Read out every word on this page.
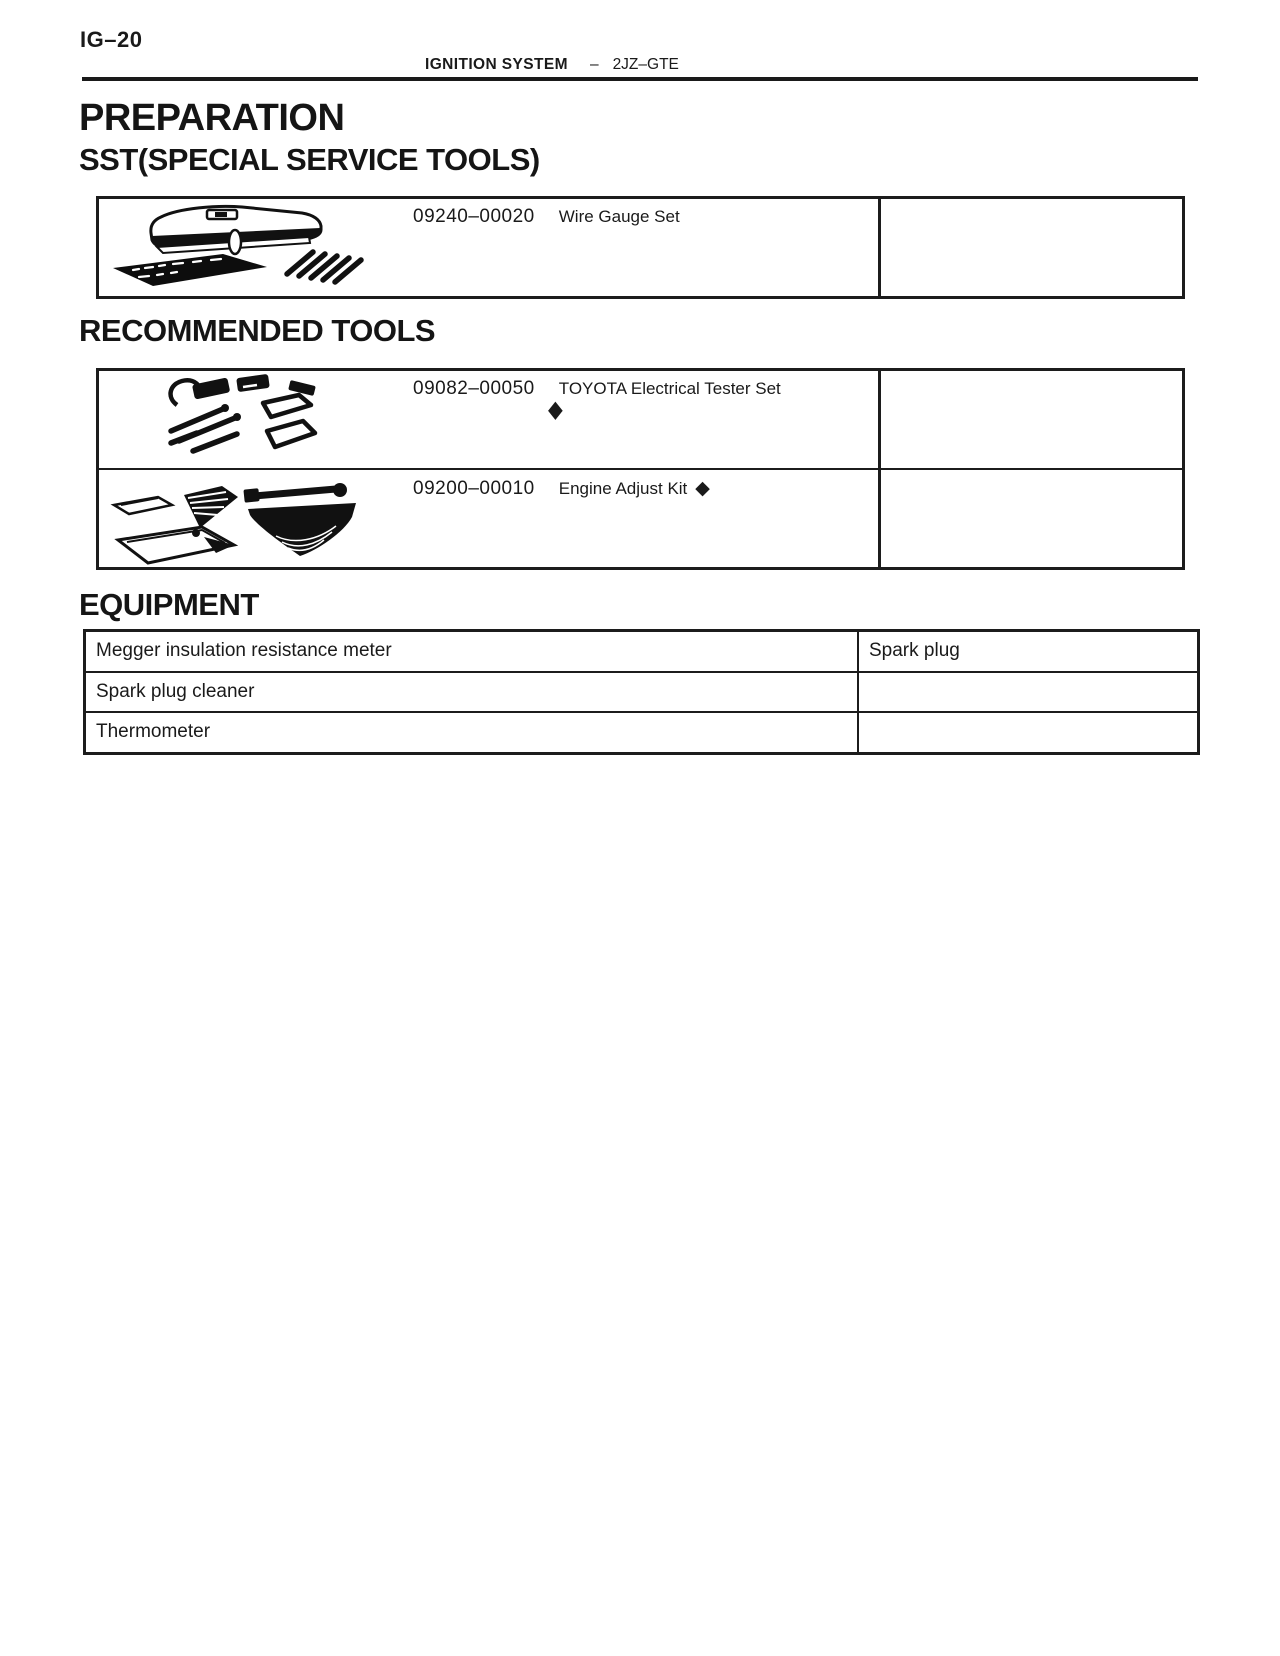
IG–20
IGNITION SYSTEM – 2JZ–GTE
PREPARATION
SST(SPECIAL SERVICE TOOLS)
09240–00020 Wire Gauge Set
RECOMMENDED TOOLS
09082–00050 TOYOTA Electrical Tester Set
◆
09200–00010 Engine Adjust Kit ◆
EQUIPMENT
Megger insulation resistance meter	Spark plug
Spark plug cleaner
Thermometer
